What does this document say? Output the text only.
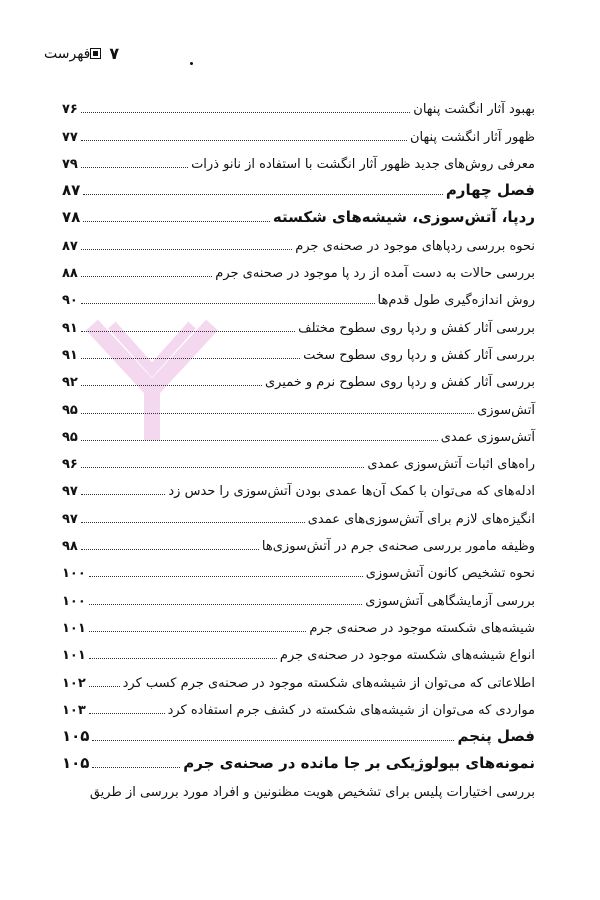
۷
فهرست
بهبود آثار انگشت پنهان
۷۶
ظهور آثار انگشت پنهان
۷۷
معرفی روش‌های جدید ظهور آثار انگشت با استفاده از نانو ذرات
۷۹
فصل چهارم
۸۷
ردپا، آتش‌سوزی، شیشه‌های شکسته
۷۸
نحوه بررسی ردپاهای موجود در صحنه‌ی جرم
۸۷
بررسی حالات به دست آمده از رد پا موجود در صحنه‌ی جرم
۸۸
روش اندازه‌گیری طول قدم‌ها
۹۰
بررسی آثار کفش و ردپا روی سطوح مختلف
۹۱
بررسی آثار کفش و ردپا روی سطوح سخت
۹۱
بررسی آثار کفش و ردپا روی سطوح نرم و خمیری
۹۲
آتش‌سوزی
۹۵
آتش‌سوزی عمدی
۹۵
راه‌های اثبات آتش‌سوزی عمدی
۹۶
ادله‌های که می‌توان با کمک آن‌ها عمدی بودن آتش‌سوزی را حدس زد
۹۷
انگیزه‌های لازم برای آتش‌سوزی‌های عمدی
۹۷
وظیفه مامور بررسی صحنه‌ی جرم در آتش‌سوزی‌ها
۹۸
نحوه تشخیص کانون آتش‌سوزی
۱۰۰
بررسی آزمایشگاهی آتش‌سوزی
۱۰۰
شیشه‌های شکسته موجود در صحنه‌ی جرم
۱۰۱
انواع شیشه‌های شکسته موجود در صحنه‌ی جرم
۱۰۱
اطلاعاتی که می‌توان از شیشه‌های شکسته موجود در صحنه‌ی جرم کسب کرد
۱۰۲
مواردی که می‌توان از شیشه‌های شکسته در کشف جرم استفاده کرد
۱۰۳
فصل پنجم
۱۰۵
نمونه‌های بیولوژیکی بر جا مانده در صحنه‌ی جرم
۱۰۵
بررسی اختیارات پلیس برای تشخیص هویت مظنونین و افراد مورد بررسی از طریق
